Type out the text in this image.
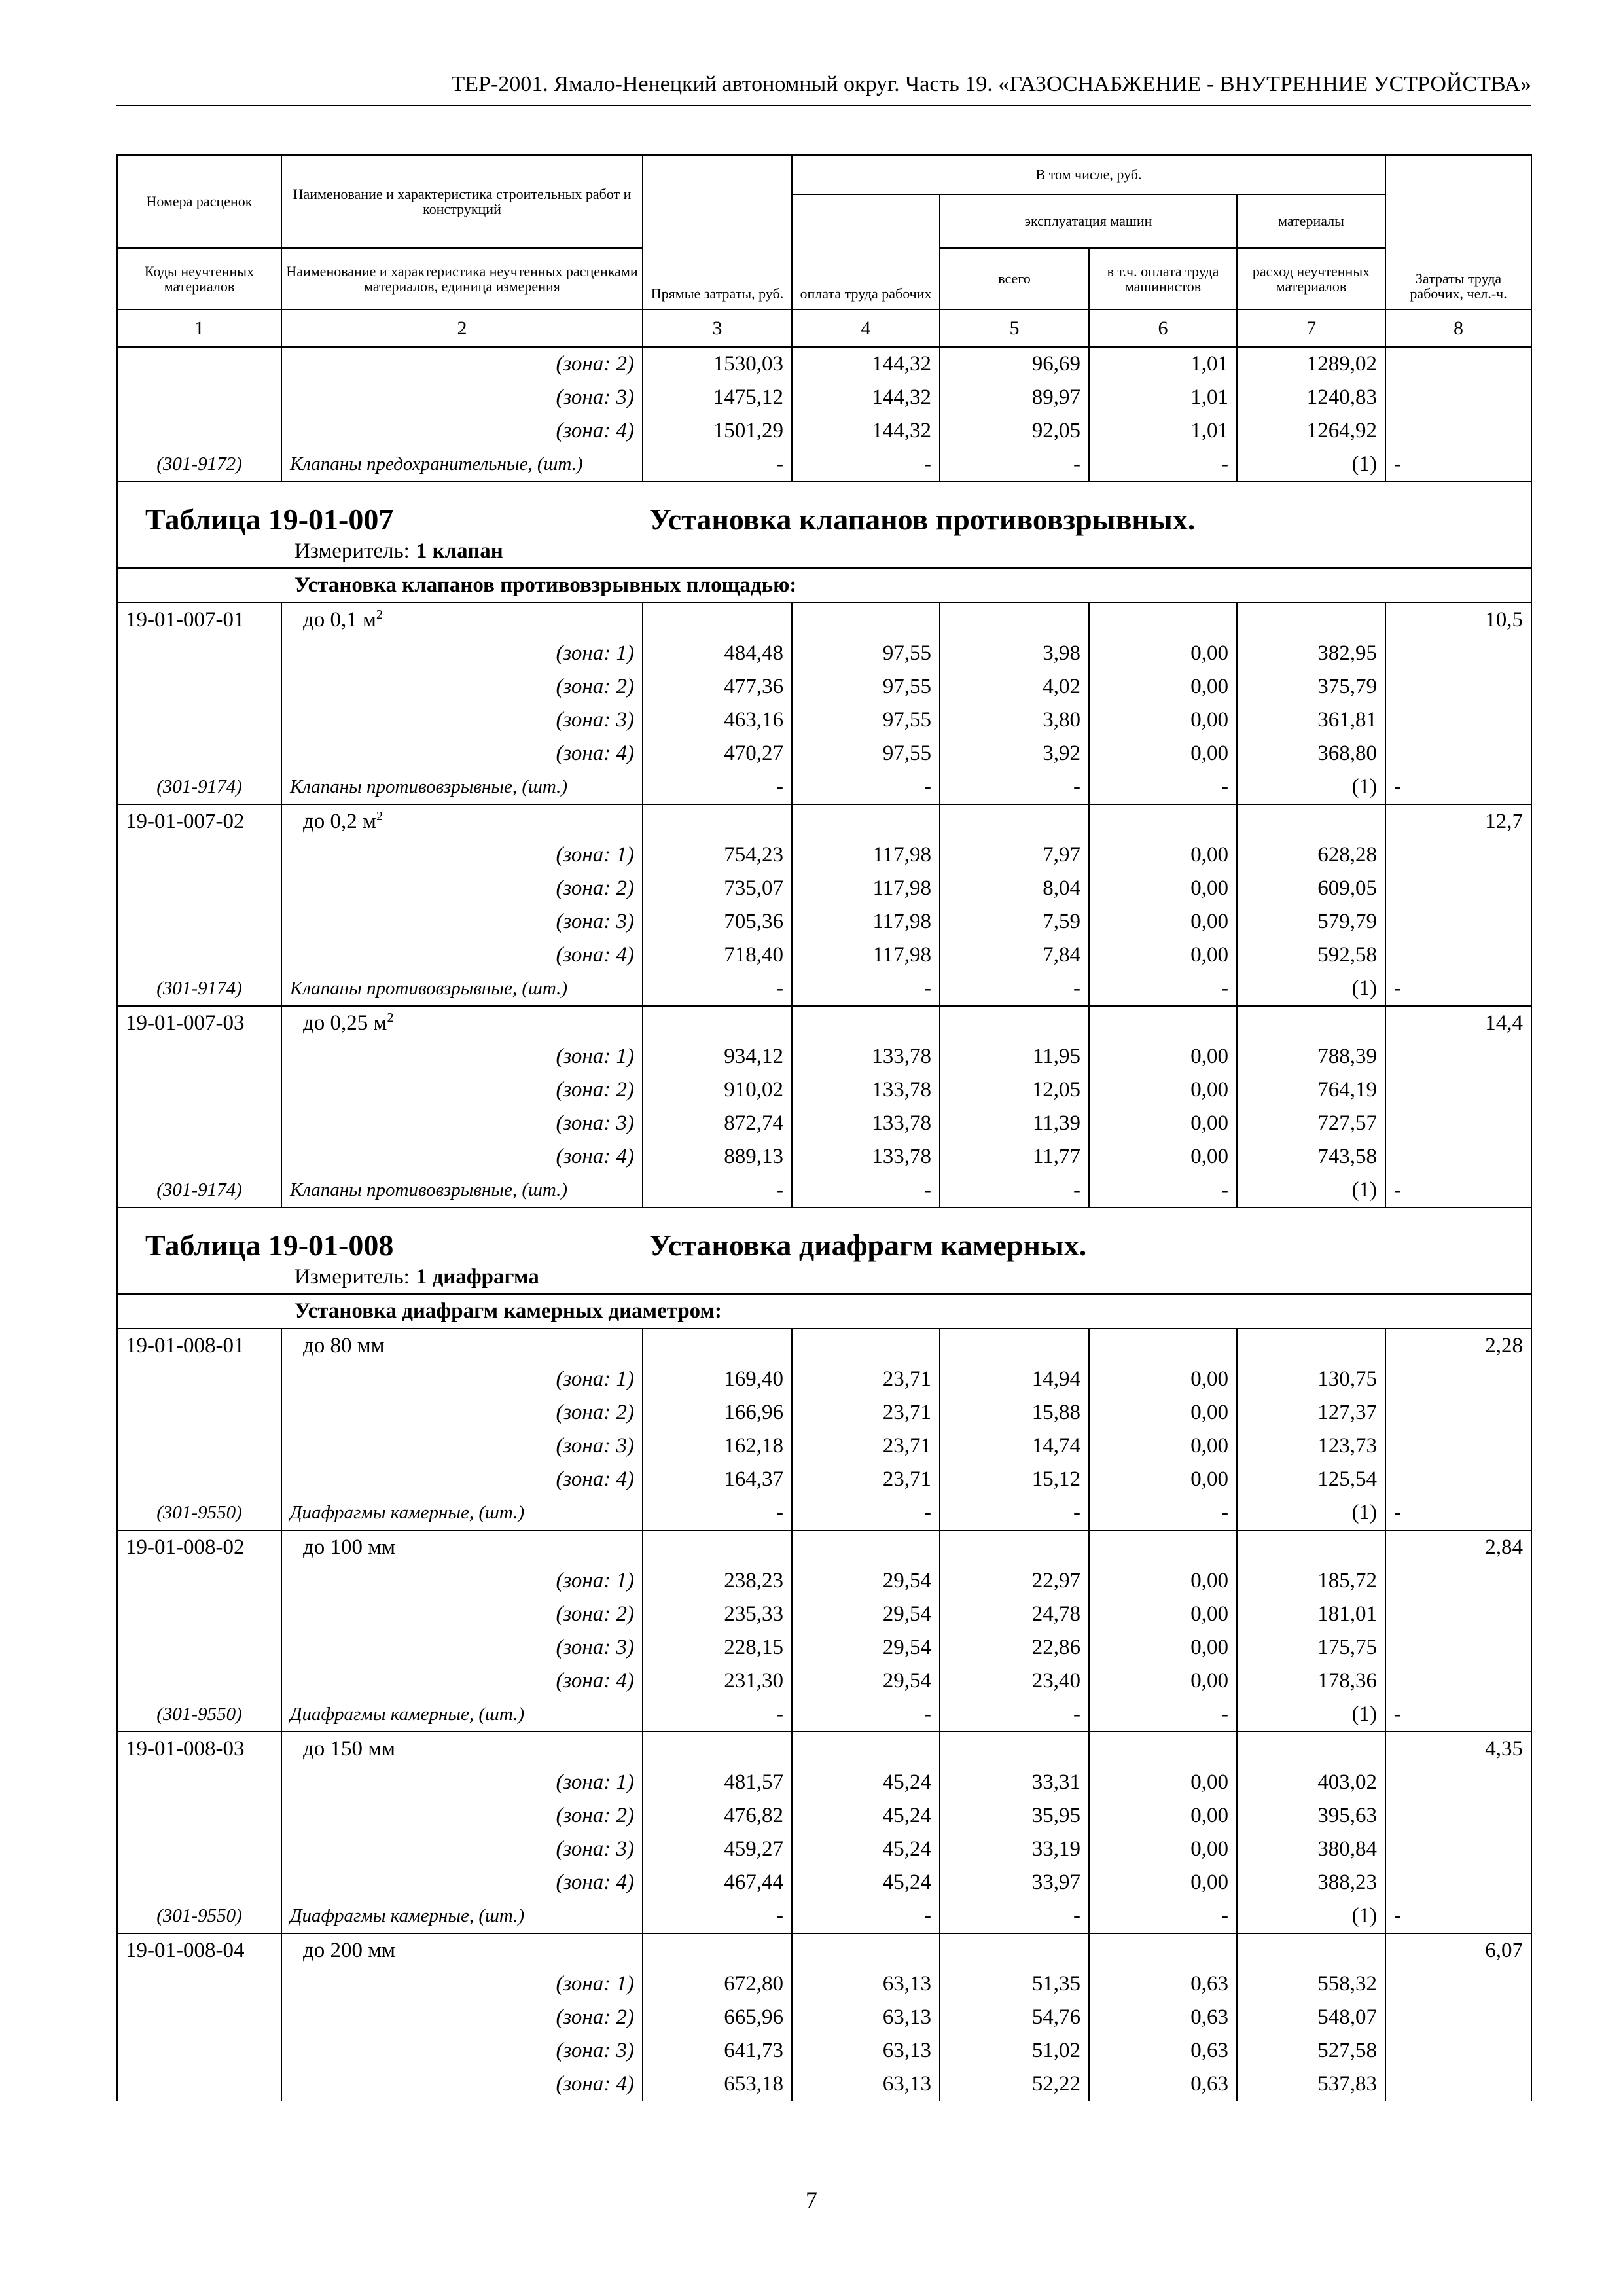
ТЕР-2001. Ямало-Ненецкий автономный округ. Часть 19. «ГАЗОСНАБЖЕНИЕ - ВНУТРЕННИЕ УСТРОЙСТВА»
Номера расценок	Наименование и характеристика строительных работ и конструкций	Прямые затраты, руб.	В том числе, руб.				Затраты труда рабочих, чел.-ч.
			оплата труда рабочих	эксплуатация машин		материалы	
Коды неучтенных материалов	Наименование и характеристика неучтенных расценками материалов, единица измерения			всего	в т.ч. оплата труда машинистов	расход неучтенных материалов	
1	2	3	4	5	6	7	8
	(зона: 2)	1530,03	144,32	96,69	1,01	1289,02	
	(зона: 3)	1475,12	144,32	89,97	1,01	1240,83	
	(зона: 4)	1501,29	144,32	92,05	1,01	1264,92	
(301-9172)	Клапаны предохранительные, (шт.)	-	-	-	-	(1)	-

Таблица 19-01-007 Установка клапанов противовзрывных.
Измеритель: 1 клапан							

Установка клапанов противовзрывных площадью:							
19-01-007-01	до 0,1 $м^2$						10,5
	(зона: 1)	484,48	97,55	3,98	0,00	382,95	
	(зона: 2)	477,36	97,55	4,02	0,00	375,79	
	(зона: 3)	463,16	97,55	3,80	0,00	361,81	
	(зона: 4)	470,27	97,55	3,92	0,00	368,80	
(301-9174)	Клапаны противовзрывные, (шт.)	-	-	-	-	(1)	-
19-01-007-02	до 0,2 $м^2$						12,7
	(зона: 1)	754,23	117,98	7,97	0,00	628,28	
	(зона: 2)	735,07	117,98	8,04	0,00	609,05	
	(зона: 3)	705,36	117,98	7,59	0,00	579,79	
	(зона: 4)	718,40	117,98	7,84	0,00	592,58	
(301-9174)	Клапаны противовзрывные, (шт.)	-	-	-	-	(1)	-
19-01-007-03	до 0,25 $м^2$						14,4
	(зона: 1)	934,12	133,78	11,95	0,00	788,39	
	(зона: 2)	910,02	133,78	12,05	0,00	764,19	
	(зона: 3)	872,74	133,78	11,39	0,00	727,57	
	(зона: 4)	889,13	133,78	11,77	0,00	743,58	
(301-9174)	Клапаны противовзрывные, (шт.)	-	-	-	-	(1)	-

Таблица 19-01-008 Установка диафрагм камерных.
Измеритель: 1 диафрагма							

Установка диафрагм камерных диаметром:							
19-01-008-01	до 80 мм						2,28
	(зона: 1)	169,40	23,71	14,94	0,00	130,75	
	(зона: 2)	166,96	23,71	15,88	0,00	127,37	
	(зона: 3)	162,18	23,71	14,74	0,00	123,73	
	(зона: 4)	164,37	23,71	15,12	0,00	125,54	
(301-9550)	Диафрагмы камерные, (шт.)	-	-	-	-	(1)	-
19-01-008-02	до 100 мм						2,84
	(зона: 1)	238,23	29,54	22,97	0,00	185,72	
	(зона: 2)	235,33	29,54	24,78	0,00	181,01	
	(зона: 3)	228,15	29,54	22,86	0,00	175,75	
	(зона: 4)	231,30	29,54	23,40	0,00	178,36	
(301-9550)	Диафрагмы камерные, (шт.)	-	-	-	-	(1)	-
19-01-008-03	до 150 мм						4,35
	(зона: 1)	481,57	45,24	33,31	0,00	403,02	
	(зона: 2)	476,82	45,24	35,95	0,00	395,63	
	(зона: 3)	459,27	45,24	33,19	0,00	380,84	
	(зона: 4)	467,44	45,24	33,97	0,00	388,23	
(301-9550)	Диафрагмы камерные, (шт.)	-	-	-	-	(1)	-
19-01-008-04	до 200 мм						6,07
	(зона: 1)	672,80	63,13	51,35	0,63	558,32	
	(зона: 2)	665,96	63,13	54,76	0,63	548,07	
	(зона: 3)	641,73	63,13	51,02	0,63	527,58	
	(зона: 4)	653,18	63,13	52,22	0,63	537,83	
7
